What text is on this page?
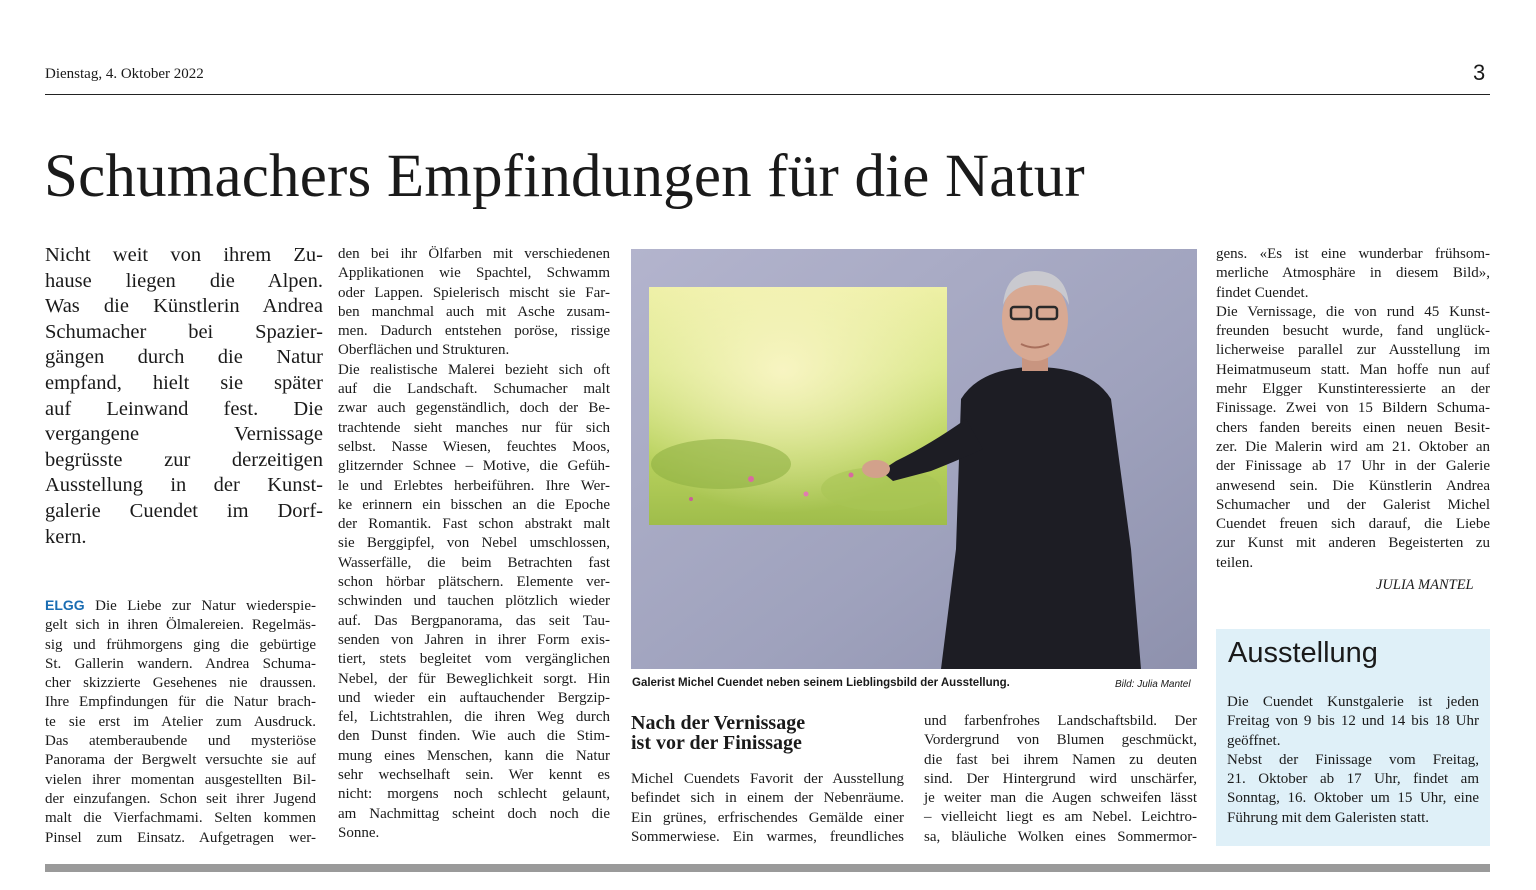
Dienstag, 4. Oktober 2022	3
Schumachers Empfindungen für die Natur
Nicht weit von ihrem Zu-
hause liegen die Alpen.
Was die Künstlerin Andrea
Schumacher bei Spazier-
gängen durch die Natur
empfand, hielt sie später
auf Leinwand fest. Die
vergangene Vernissage
begrüsste zur derzeitigen
Ausstellung in der Kunst-
galerie Cuendet im Dorf-
kern.
ELGG Die Liebe zur Natur wiederspie-
gelt sich in ihren Ölmalereien. Regelmäs-
sig und frühmorgens ging die gebürtige
St. Gallerin wandern. Andrea Schuma-
cher skizzierte Gesehenes nie draussen.
Ihre Empfindungen für die Natur brach-
te sie erst im Atelier zum Ausdruck.
Das atemberaubende und mysteriöse
Panorama der Bergwelt versuchte sie auf
vielen ihrer momentan ausgestellten Bil-
der einzufangen. Schon seit ihrer Jugend
malt die Vierfachmami. Selten kommen
Pinsel zum Einsatz. Aufgetragen wer-
den bei ihr Ölfarben mit verschiedenen
Applikationen wie Spachtel, Schwamm
oder Lappen. Spielerisch mischt sie Far-
ben manchmal auch mit Asche zusam-
men. Dadurch entstehen poröse, rissige
Oberflächen und Strukturen.
Die realistische Malerei bezieht sich oft
auf die Landschaft. Schumacher malt
zwar auch gegenständlich, doch der Be-
trachtende sieht manches nur für sich
selbst. Nasse Wiesen, feuchtes Moos,
glitzernder Schnee – Motive, die Gefüh-
le und Erlebtes herbeiführen. Ihre Wer-
ke erinnern ein bisschen an die Epoche
der Romantik. Fast schon abstrakt malt
sie Berggipfel, von Nebel umschlossen,
Wasserfälle, die beim Betrachten fast
schon hörbar plätschern. Elemente ver-
schwinden und tauchen plötzlich wieder
auf. Das Bergpanorama, das seit Tau-
senden von Jahren in ihrer Form exis-
tiert, stets begleitet vom vergänglichen
Nebel, der für Beweglichkeit sorgt. Hin
und wieder ein auftauchender Bergzip-
fel, Lichtstrahlen, die ihren Weg durch
den Dunst finden. Wie auch die Stim-
mung eines Menschen, kann die Natur
sehr wechselhaft sein. Wer kennt es
nicht: morgens noch schlecht gelaunt,
am Nachmittag scheint doch noch die
Sonne.
Galerist Michel Cuendet neben seinem Lieblingsbild der Ausstellung.	Bild: Julia Mantel
Nach der Vernissage
ist vor der Finissage
Michel Cuendets Favorit der Ausstellung
befindet sich in einem der Nebenräume.
Ein grünes, erfrischendes Gemälde einer
Sommerwiese. Ein warmes, freundliches
und farbenfrohes Landschaftsbild. Der
Vordergrund von Blumen geschmückt,
die fast bei ihrem Namen zu deuten
sind. Der Hintergrund wird unschärfer,
je weiter man die Augen schweifen lässt
– vielleicht liegt es am Nebel. Leichtro-
sa, bläuliche Wolken eines Sommermor-
gens. «Es ist eine wunderbar frühsom-
merliche Atmosphäre in diesem Bild»,
findet Cuendet.
Die Vernissage, die von rund 45 Kunst-
freunden besucht wurde, fand unglück-
licherweise parallel zur Ausstellung im
Heimatmuseum statt. Man hoffe nun auf
mehr Elgger Kunstinteressierte an der
Finissage. Zwei von 15 Bildern Schuma-
chers fanden bereits einen neuen Besit-
zer. Die Malerin wird am 21. Oktober an
der Finissage ab 17 Uhr in der Galerie
anwesend sein. Die Künstlerin Andrea
Schumacher und der Galerist Michel
Cuendet freuen sich darauf, die Liebe
zur Kunst mit anderen Begeisterten zu
teilen.
JULIA MANTEL
Ausstellung
Die Cuendet Kunstgalerie ist jeden
Freitag von 9 bis 12 und 14 bis 18 Uhr
geöffnet.
Nebst der Finissage vom Freitag,
21. Oktober ab 17 Uhr, findet am
Sonntag, 16. Oktober um 15 Uhr, eine
Führung mit dem Galeristen statt.
